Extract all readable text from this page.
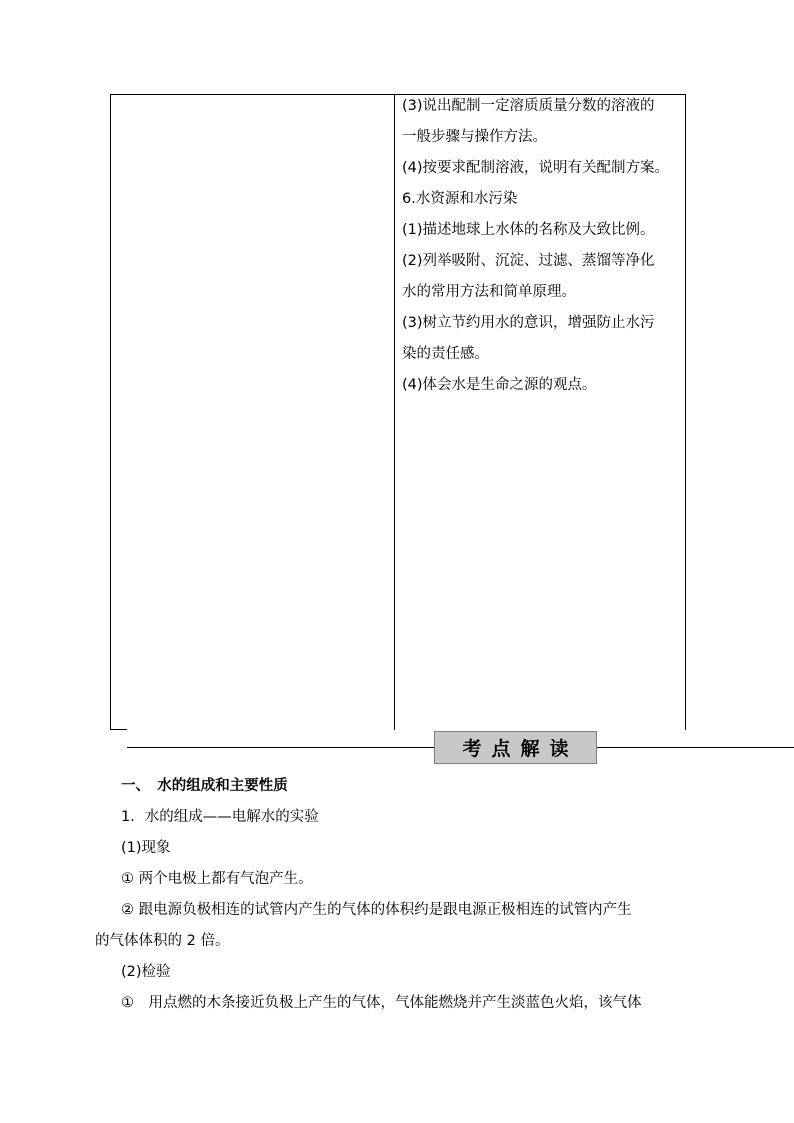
(3)说出配制一定溶质质量分数的溶液的

一般步骤与操作方法。

(4)按要求配制溶液，说明有关配制方案。

6.水资源和水污染

(1)描述地球上水体的名称及大致比例。

(2)列举吸附、沉淀、过滤、蒸馏等净化

水的常用方法和简单原理。

(3)树立节约用水的意识，增强防止水污

染的责任感。

(4)体会水是生命之源的观点。

考点解读

一、　水的组成和主要性质

1．水的组成——电解水的实验

(1)现象

① 两个电极上都有气泡产生。

② 跟电源负极相连的试管内产生的气体的体积约是跟电源正极相连的试管内产生

的气体体积的 2 倍。

(2)检验

①　用点燃的木条接近负极上产生的气体，气体能燃烧并产生淡蓝色火焰，该气体
